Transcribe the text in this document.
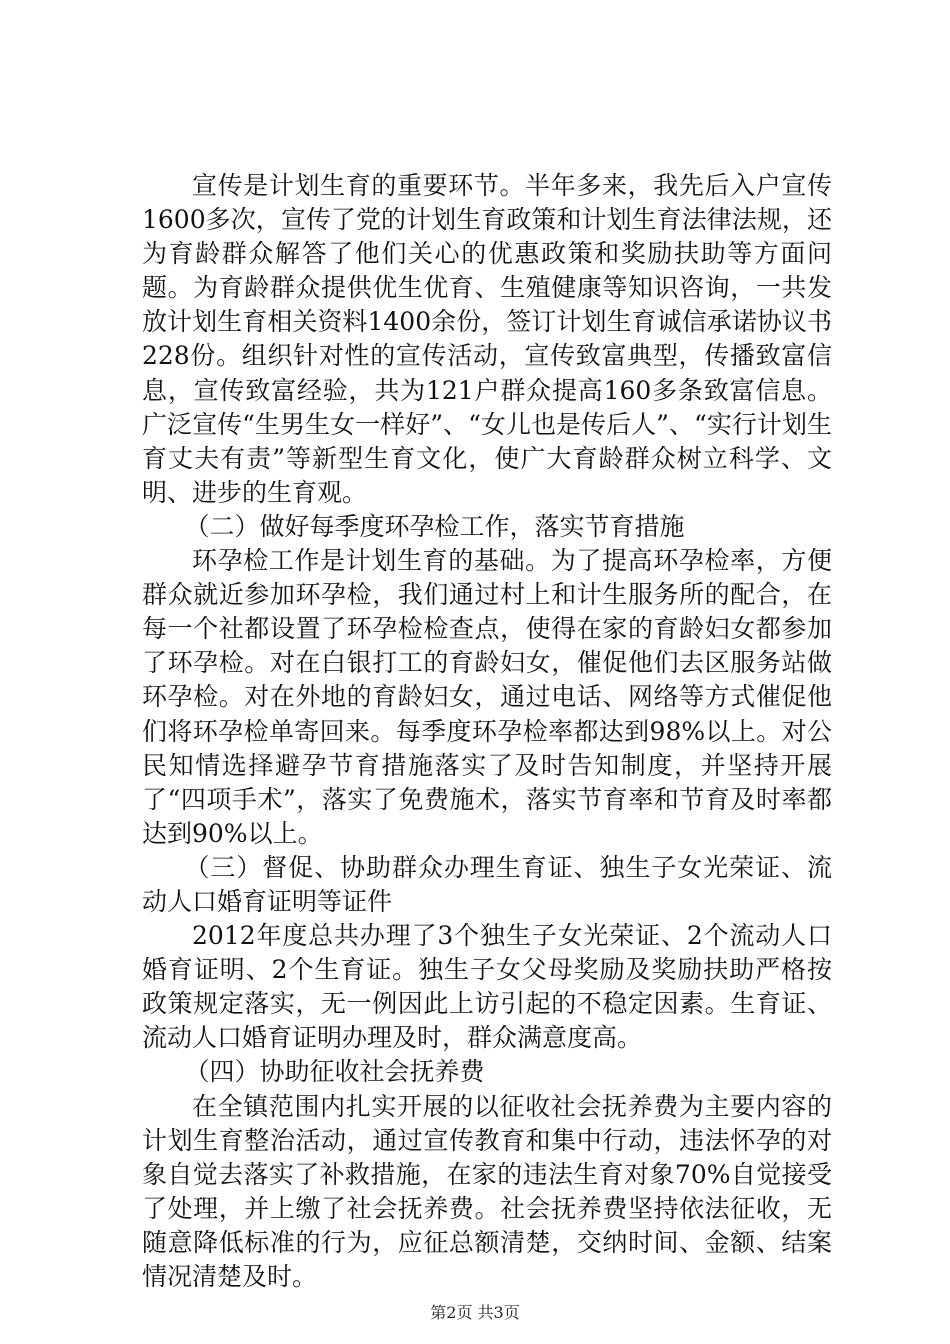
宣传是计划生育的重要环节。半年多来，我先后入户宣传1600多次，宣传了党的计划生育政策和计划生育法律法规，还为育龄群众解答了他们关心的优惠政策和奖励扶助等方面问题。为育龄群众提供优生优育、生殖健康等知识咨询，一共发放计划生育相关资料1400余份，签订计划生育诚信承诺协议书228份。组织针对性的宣传活动，宣传致富典型，传播致富信息，宣传致富经验，共为121户群众提高160多条致富信息。广泛宣传“生男生女一样好”、“女儿也是传后人”、“实行计划生育丈夫有责”等新型生育文化，使广大育龄群众树立科学、文明、进步的生育观。

（二）做好每季度环孕检工作，落实节育措施

环孕检工作是计划生育的基础。为了提高环孕检率，方便群众就近参加环孕检，我们通过村上和计生服务所的配合，在每一个社都设置了环孕检检查点，使得在家的育龄妇女都参加了环孕检。对在白银打工的育龄妇女，催促他们去区服务站做环孕检。对在外地的育龄妇女，通过电话、网络等方式催促他们将环孕检单寄回来。每季度环孕检率都达到98%以上。对公民知情选择避孕节育措施落实了及时告知制度，并坚持开展了“四项手术”，落实了免费施术，落实节育率和节育及时率都达到90%以上。

（三）督促、协助群众办理生育证、独生子女光荣证、流动人口婚育证明等证件

2012年度总共办理了3个独生子女光荣证、2个流动人口婚育证明、2个生育证。独生子女父母奖励及奖励扶助严格按政策规定落实，无一例因此上访引起的不稳定因素。生育证、流动人口婚育证明办理及时，群众满意度高。

（四）协助征收社会抚养费

在全镇范围内扎实开展的以征收社会抚养费为主要内容的计划生育整治活动，通过宣传教育和集中行动，违法怀孕的对象自觉去落实了补救措施，在家的违法生育对象70%自觉接受了处理，并上缴了社会抚养费。社会抚养费坚持依法征收，无随意降低标准的行为，应征总额清楚，交纳时间、金额、结案情况清楚及时。

第2页 共3页
